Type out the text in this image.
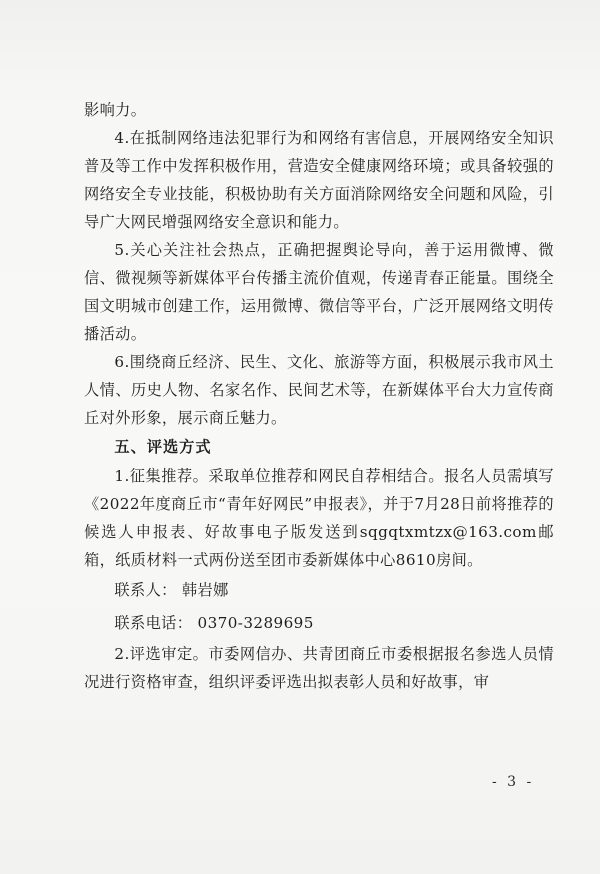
影响力。

4.在抵制网络违法犯罪行为和网络有害信息，开展网络安全知识普及等工作中发挥积极作用，营造安全健康网络环境；或具备较强的网络安全专业技能，积极协助有关方面消除网络安全问题和风险，引导广大网民增强网络安全意识和能力。

5.关心关注社会热点，正确把握舆论导向，善于运用微博、微信、微视频等新媒体平台传播主流价值观，传递青春正能量。围绕全国文明城市创建工作，运用微博、微信等平台，广泛开展网络文明传播活动。

6.围绕商丘经济、民生、文化、旅游等方面，积极展示我市风土人情、历史人物、名家名作、民间艺术等，在新媒体平台大力宣传商丘对外形象，展示商丘魅力。

五、评选方式

1.征集推荐。采取单位推荐和网民自荐相结合。报名人员需填写《2022年度商丘市“青年好网民”申报表》，并于7月28日前将推荐的候选人申报表、好故事电子版发送到sqgqtxmtzx@163.com邮箱，纸质材料一式两份送至团市委新媒体中心8610房间。

联系人： 韩岩娜

联系电话： 0370-3289695

2.评选审定。市委网信办、共青团商丘市委根据报名参选人员情况进行资格审查，组织评委评选出拟表彰人员和好故事，审

- 3 -
